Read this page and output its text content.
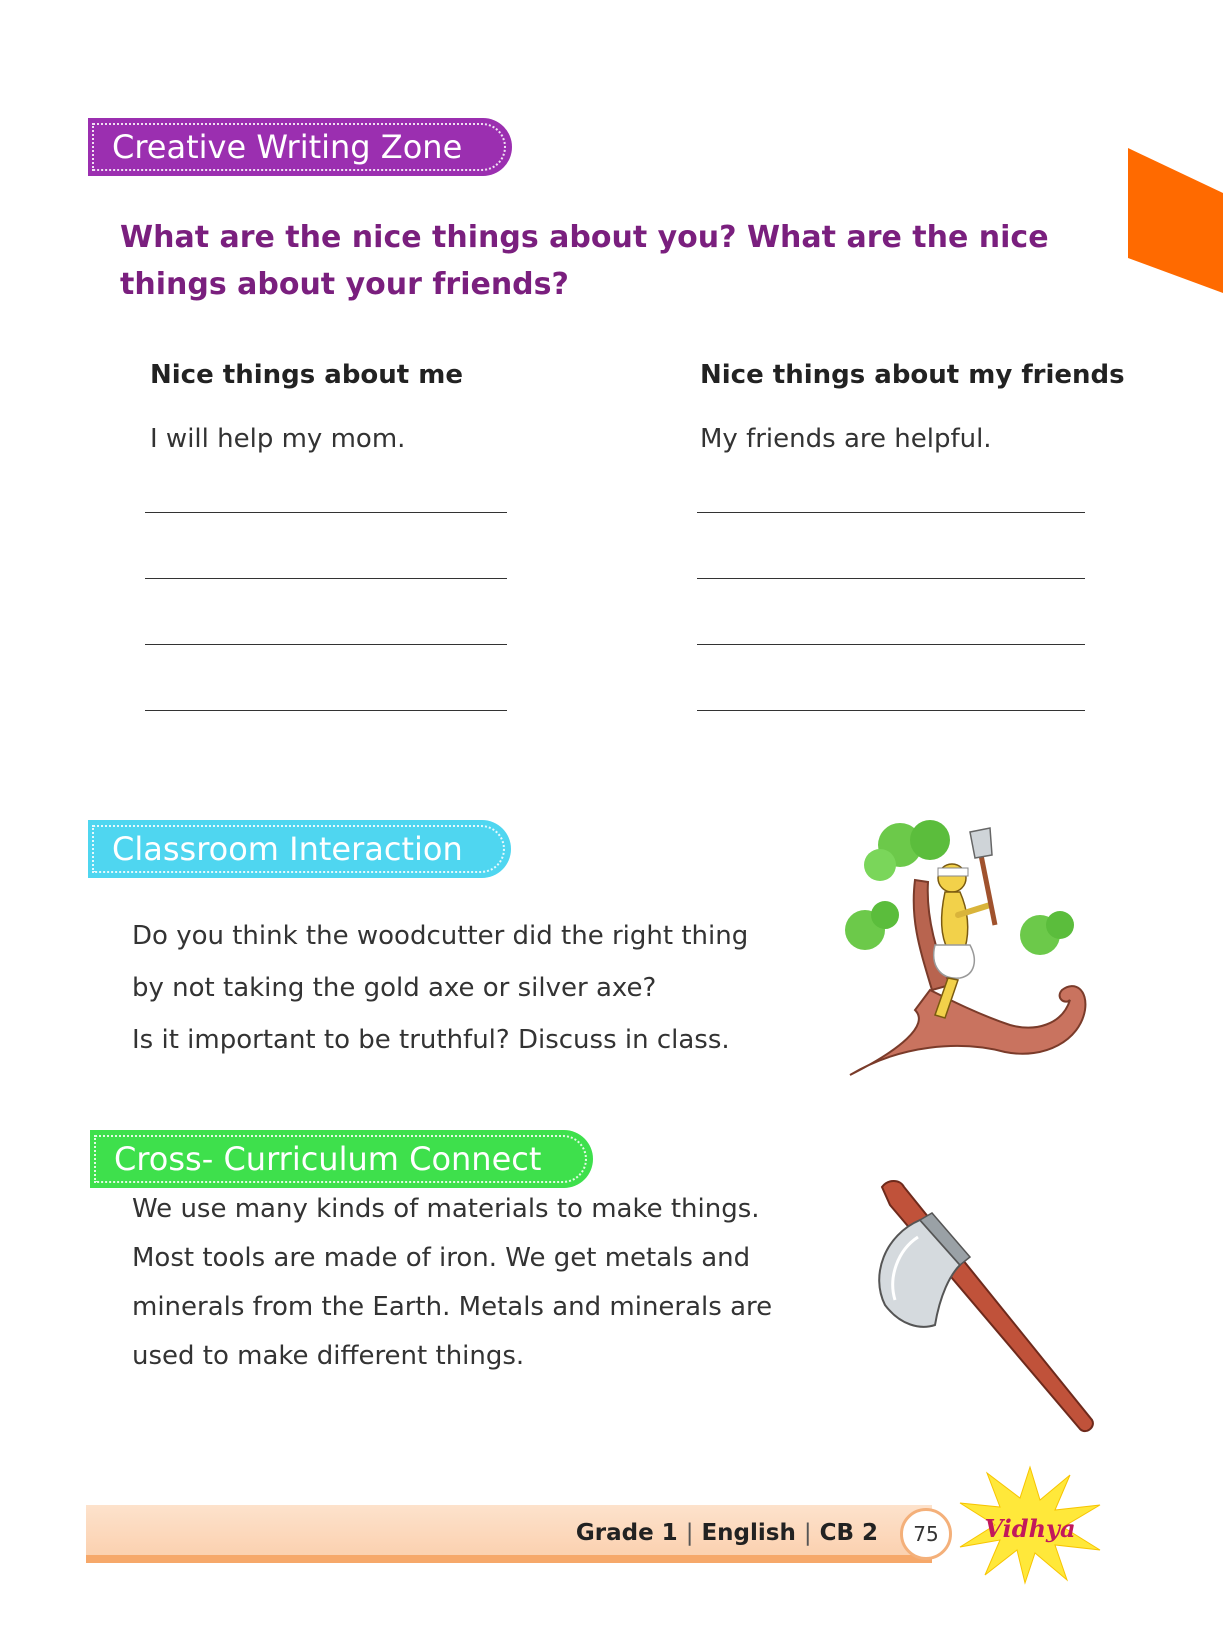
Creative Writing Zone
What are the nice things about you? What are the nice things about your friends?
Nice things about me
I will help my mom.
Nice things about my friends
My friends are helpful.
Classroom Interaction
Do you think the woodcutter did the right thing
by not taking the gold axe or silver axe?
Is it important to be truthful? Discuss in class.
Cross- Curriculum Connect
We use many kinds of materials to make things.
Most tools are made of iron. We get metals and
minerals from the Earth. Metals and minerals are
used to make different things.
Grade 1 | English | CB 2	75	Vidhya
